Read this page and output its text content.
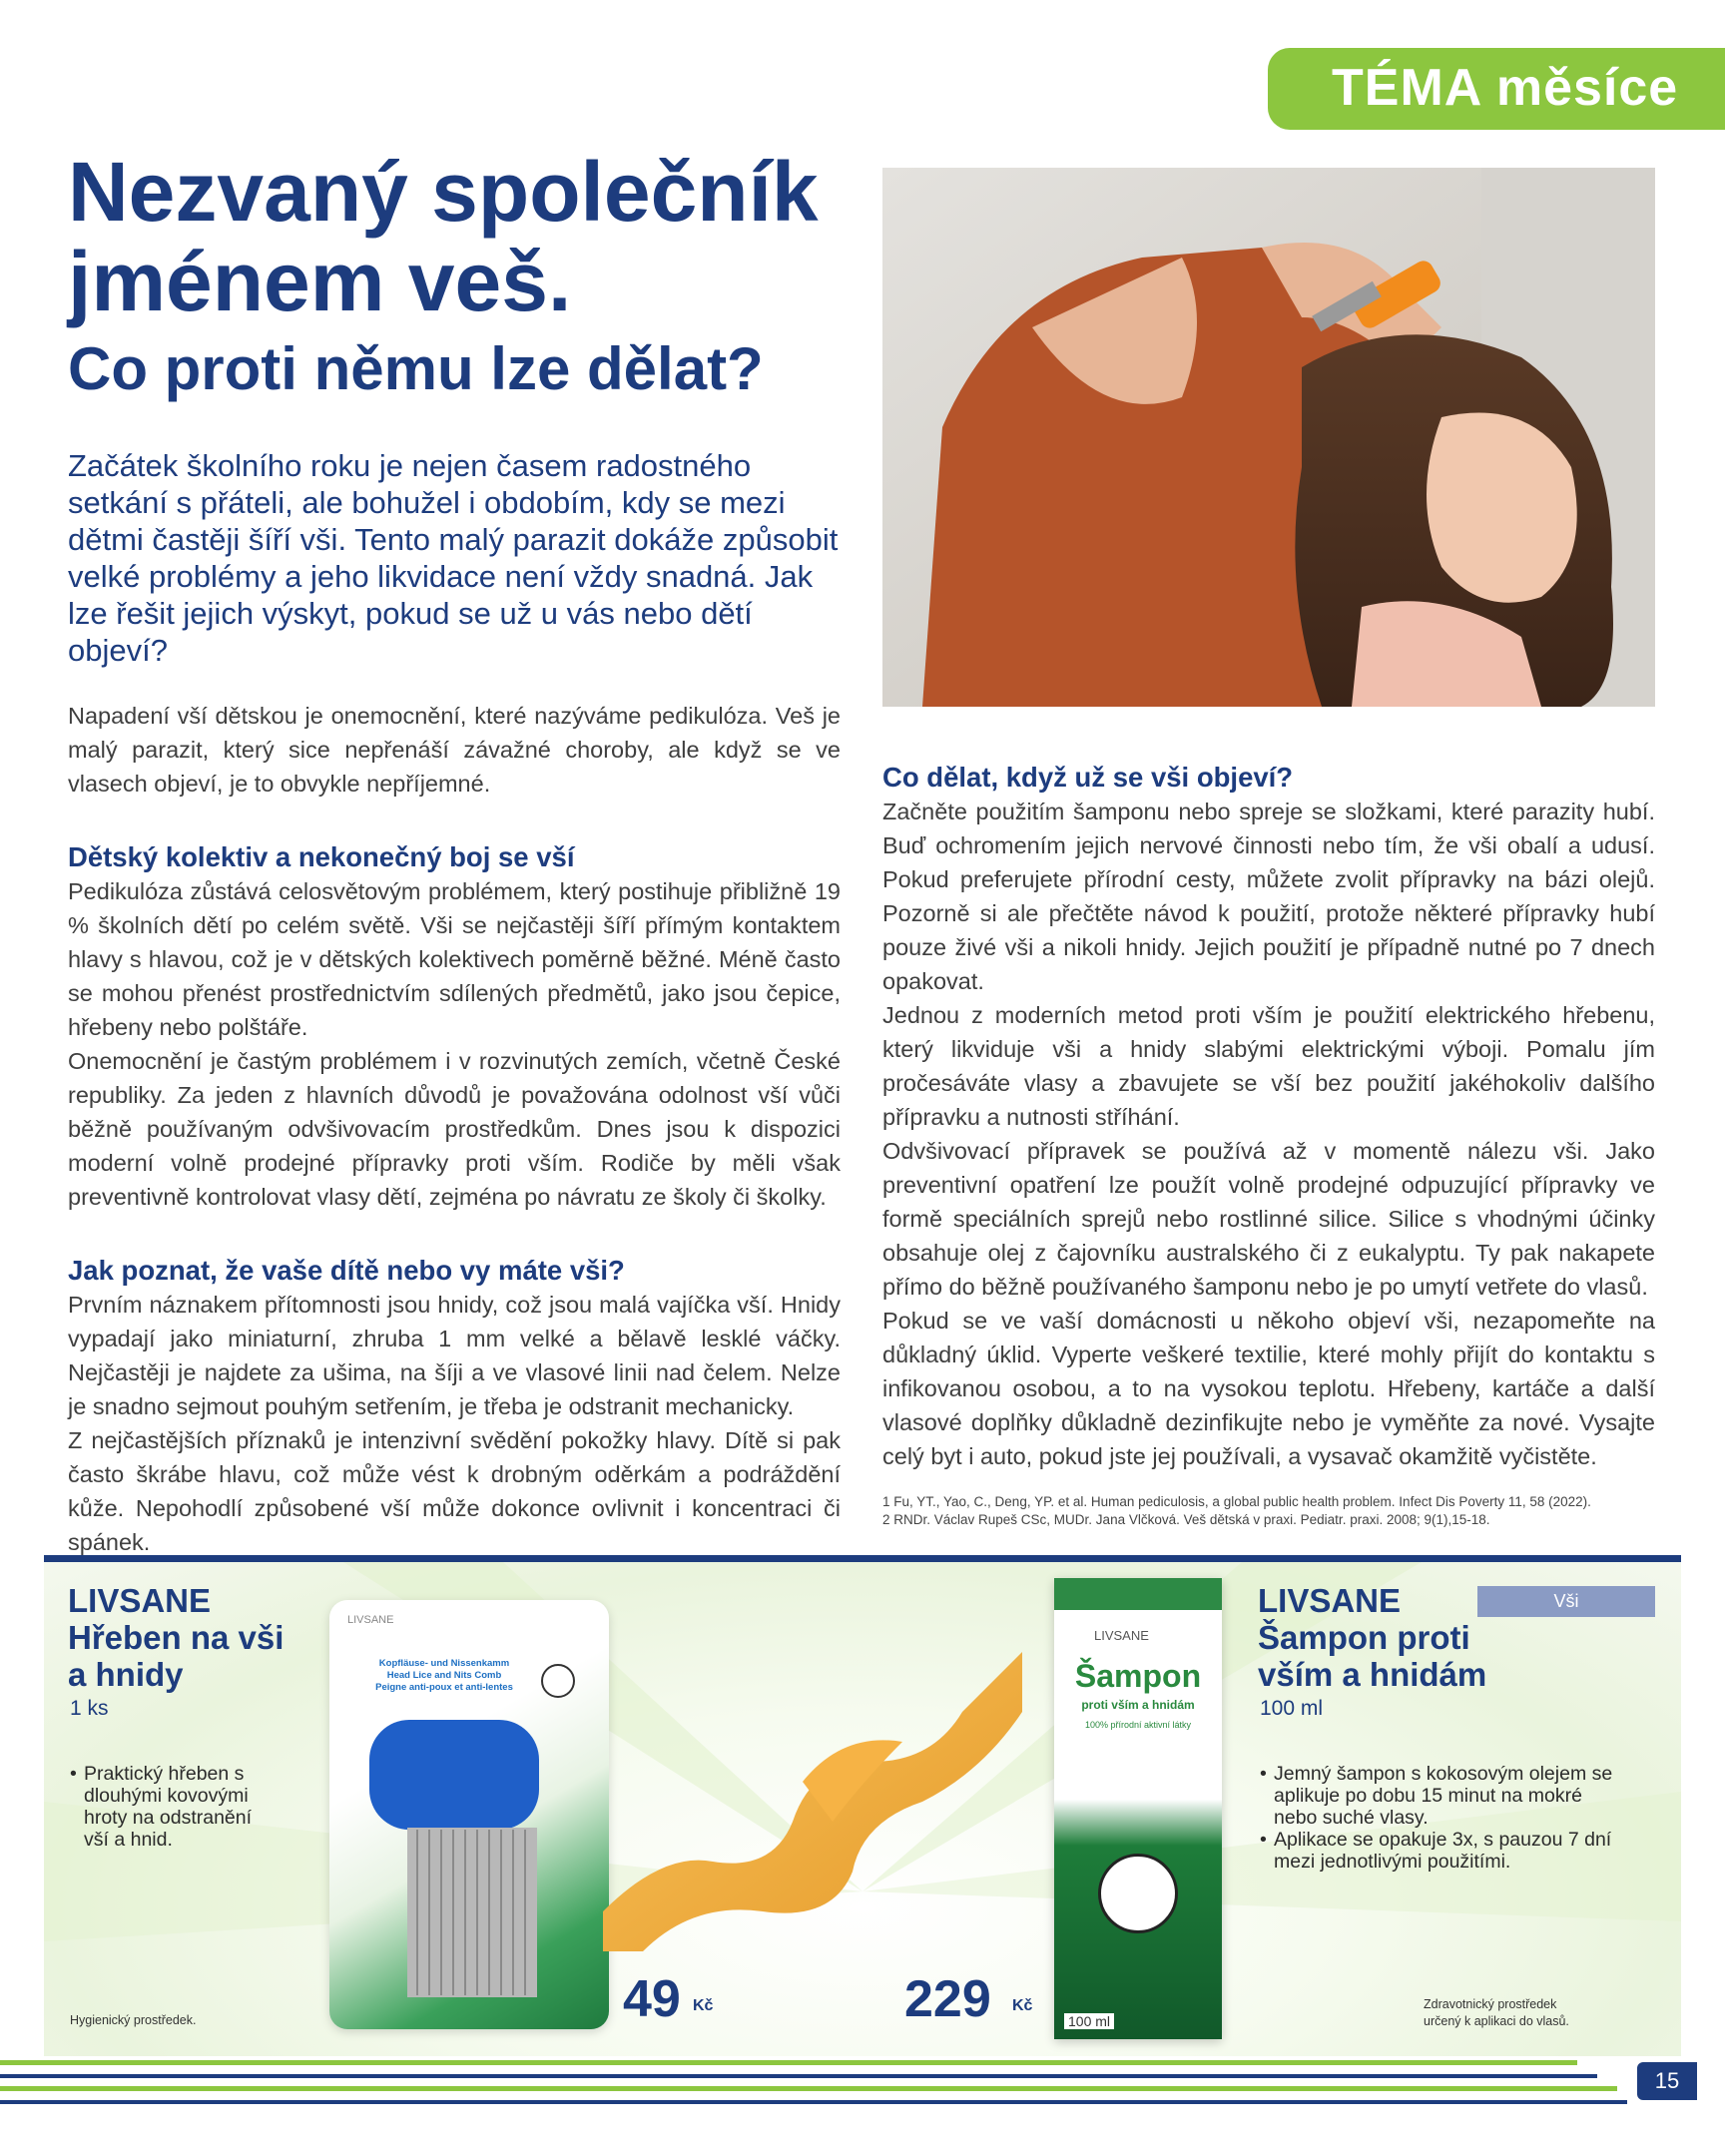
TÉMA měsíce
Nezvaný společník
jménem veš.
Co proti němu lze dělat?

Začátek školního roku je nejen časem radostného setkání s přáteli, ale bohužel i obdobím, kdy se mezi dětmi častěji šíří vši. Tento malý parazit dokáže způsobit velké problémy a jeho likvidace není vždy snadná. Jak lze řešit jejich výskyt, pokud se už u vás nebo dětí objeví?

Napadení vší dětskou je onemocnění, které nazýváme pedikulóza. Veš je malý parazit, který sice nepřenáší závažné choroby, ale když se ve vlasech objeví, je to obvykle nepříjemné.

Dětský kolektiv a nekonečný boj se vší

Pedikulóza zůstává celosvětovým problémem, který postihuje přibližně 19 % školních dětí po celém světě. Vši se nejčastěji šíří přímým kontaktem hlavy s hlavou, což je v dětských kolektivech poměrně běžné. Méně často se mohou přenést prostřednictvím sdílených předmětů, jako jsou čepice, hřebeny nebo polštáře.

Onemocnění je častým problémem i v rozvinutých zemích, včetně České republiky. Za jeden z hlavních důvodů je považována odolnost vší vůči běžně používaným odvšivovacím prostředkům. Dnes jsou k dispozici moderní volně prodejné přípravky proti vším. Rodiče by měli však preventivně kontrolovat vlasy dětí, zejména po návratu ze školy či školky.

Jak poznat, že vaše dítě nebo vy máte vši?

Prvním náznakem přítomnosti jsou hnidy, což jsou malá vajíčka vší. Hnidy vypadají jako miniaturní, zhruba 1 mm velké a bělavě lesklé váčky. Nejčastěji je najdete za ušima, na šíji a ve vlasové linii nad čelem. Nelze je snadno sejmout pouhým setřením, je třeba je odstranit mechanicky.

Z nejčastějších příznaků je intenzivní svědění pokožky hlavy. Dítě si pak často škrábe hlavu, což může vést k drobným oděrkám a podráždění kůže. Nepohodlí způsobené vší může dokonce ovlivnit i koncentraci či spánek.

Co dělat, když už se vši objeví?

Začněte použitím šamponu nebo spreje se složkami, které parazity hubí. Buď ochromením jejich nervové činnosti nebo tím, že vši obalí a udusí. Pokud preferujete přírodní cesty, můžete zvolit přípravky na bázi olejů. Pozorně si ale přečtěte návod k použití, protože některé přípravky hubí pouze živé vši a nikoli hnidy. Jejich použití je případně nutné po 7 dnech opakovat.

Jednou z moderních metod proti vším je použití elektrického hřebenu, který likviduje vši a hnidy slabými elektrickými výboji. Pomalu jím pročesáváte vlasy a zbavujete se vší bez použití jakéhokoliv dalšího přípravku a nutnosti stříhání.

Odvšivovací přípravek se používá až v momentě nálezu vši. Jako preventivní opatření lze použít volně prodejné odpuzující přípravky ve formě speciálních sprejů nebo rostlinné silice. Silice s vhodnými účinky obsahuje olej z čajovníku australského či z eukalyptu. Ty pak nakapete přímo do běžně používaného šamponu nebo je po umytí vetřete do vlasů.

Pokud se ve vaší domácnosti u někoho objeví vši, nezapomeňte na důkladný úklid. Vyperte veškeré textilie, které mohly přijít do kontaktu s infikovanou osobou, a to na vysokou teplotu. Hřebeny, kartáče a další vlasové doplňky důkladně dezinfikujte nebo je vyměňte za nové. Vysajte celý byt i auto, pokud jste jej používali, a vysavač okamžitě vyčistěte.

1 Fu, YT., Yao, C., Deng, YP. et al. Human pediculosis, a global public health problem. Infect Dis Poverty 11, 58 (2022).
2 RNDr. Václav Rupeš CSc, MUDr. Jana Vlčková. Veš dětská v praxi. Pediatr. praxi. 2008; 9(1),15-18.
LIVSANE
Hřeben na vši
a hnidy
1 ks
• Praktický hřeben s dlouhými kovovými hroty na odstranění vší a hnid.
Hygienický prostředek.
LIVSANE
Kopfläuse- und Nissenkamm
Head Lice and Nits Comb
Peigne anti-poux et anti-lentes
49 Kč
LIVSANE
Šampon
proti vším a hnidám
100% přírodní aktivní látky
100 ml
229 Kč
Vši
LIVSANE
Šampon proti
vším a hnidám
100 ml
• Jemný šampon s kokosovým olejem se aplikuje po dobu 15 minut na mokré nebo suché vlasy.
• Aplikace se opakuje 3x, s pauzou 7 dní mezi jednotlivými použitími.
Zdravotnický prostředek
určený k aplikaci do vlasů.
15
